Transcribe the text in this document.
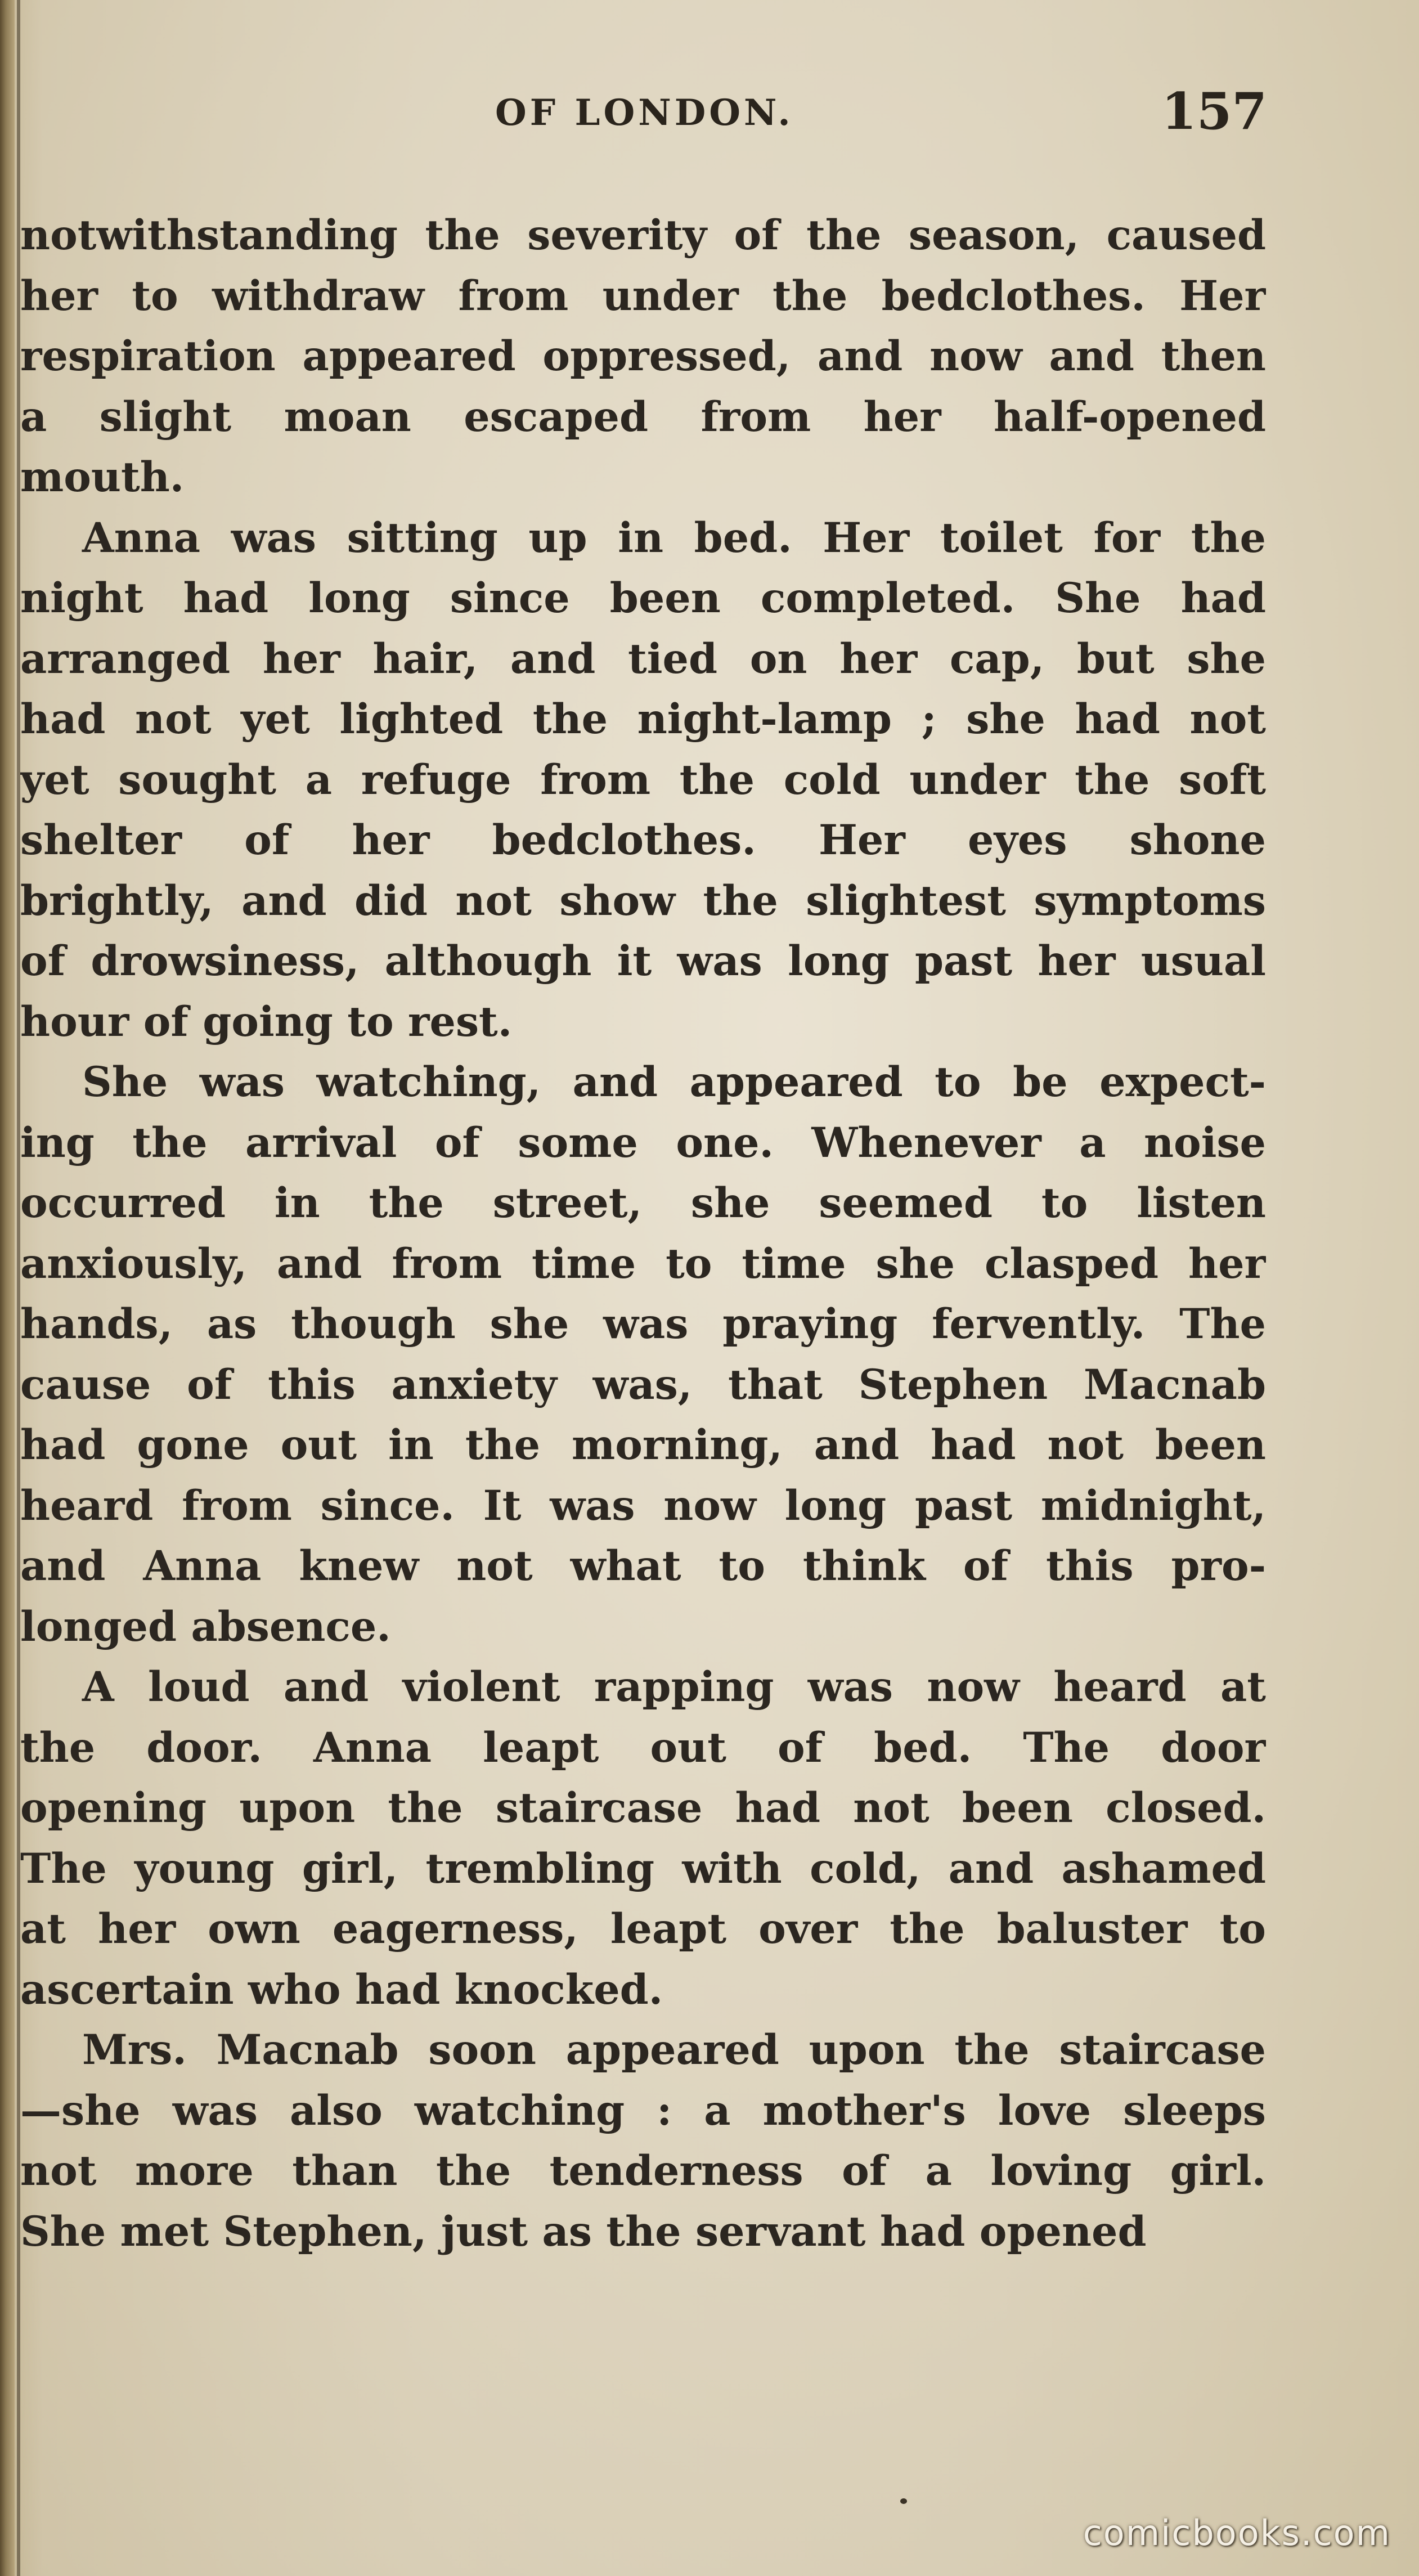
OF LONDON.	157
notwithstanding the severity of the season, caused
her to withdraw from under the bedclothes. Her
respiration appeared oppressed, and now and then
a slight moan escaped from her half-opened
mouth.
Anna was sitting up in bed. Her toilet for the
night had long since been completed. She had
arranged her hair, and tied on her cap, but she
had not yet lighted the night-lamp ; she had not
yet sought a refuge from the cold under the soft
shelter of her bedclothes. Her eyes shone
brightly, and did not show the slightest symptoms
of drowsiness, although it was long past her usual
hour of going to rest.
She was watching, and appeared to be expect-
ing the arrival of some one. Whenever a noise
occurred in the street, she seemed to listen
anxiously, and from time to time she clasped her
hands, as though she was praying fervently. The
cause of this anxiety was, that Stephen Macnab
had gone out in the morning, and had not been
heard from since. It was now long past midnight,
and Anna knew not what to think of this pro-
longed absence.
A loud and violent rapping was now heard at
the door. Anna leapt out of bed. The door
opening upon the staircase had not been closed.
The young girl, trembling with cold, and ashamed
at her own eagerness, leapt over the baluster to
ascertain who had knocked.
Mrs. Macnab soon appeared upon the staircase
—she was also watching : a mother's love sleeps
not more than the tenderness of a loving girl.
She met Stephen, just as the servant had opened
comicbooks.com
